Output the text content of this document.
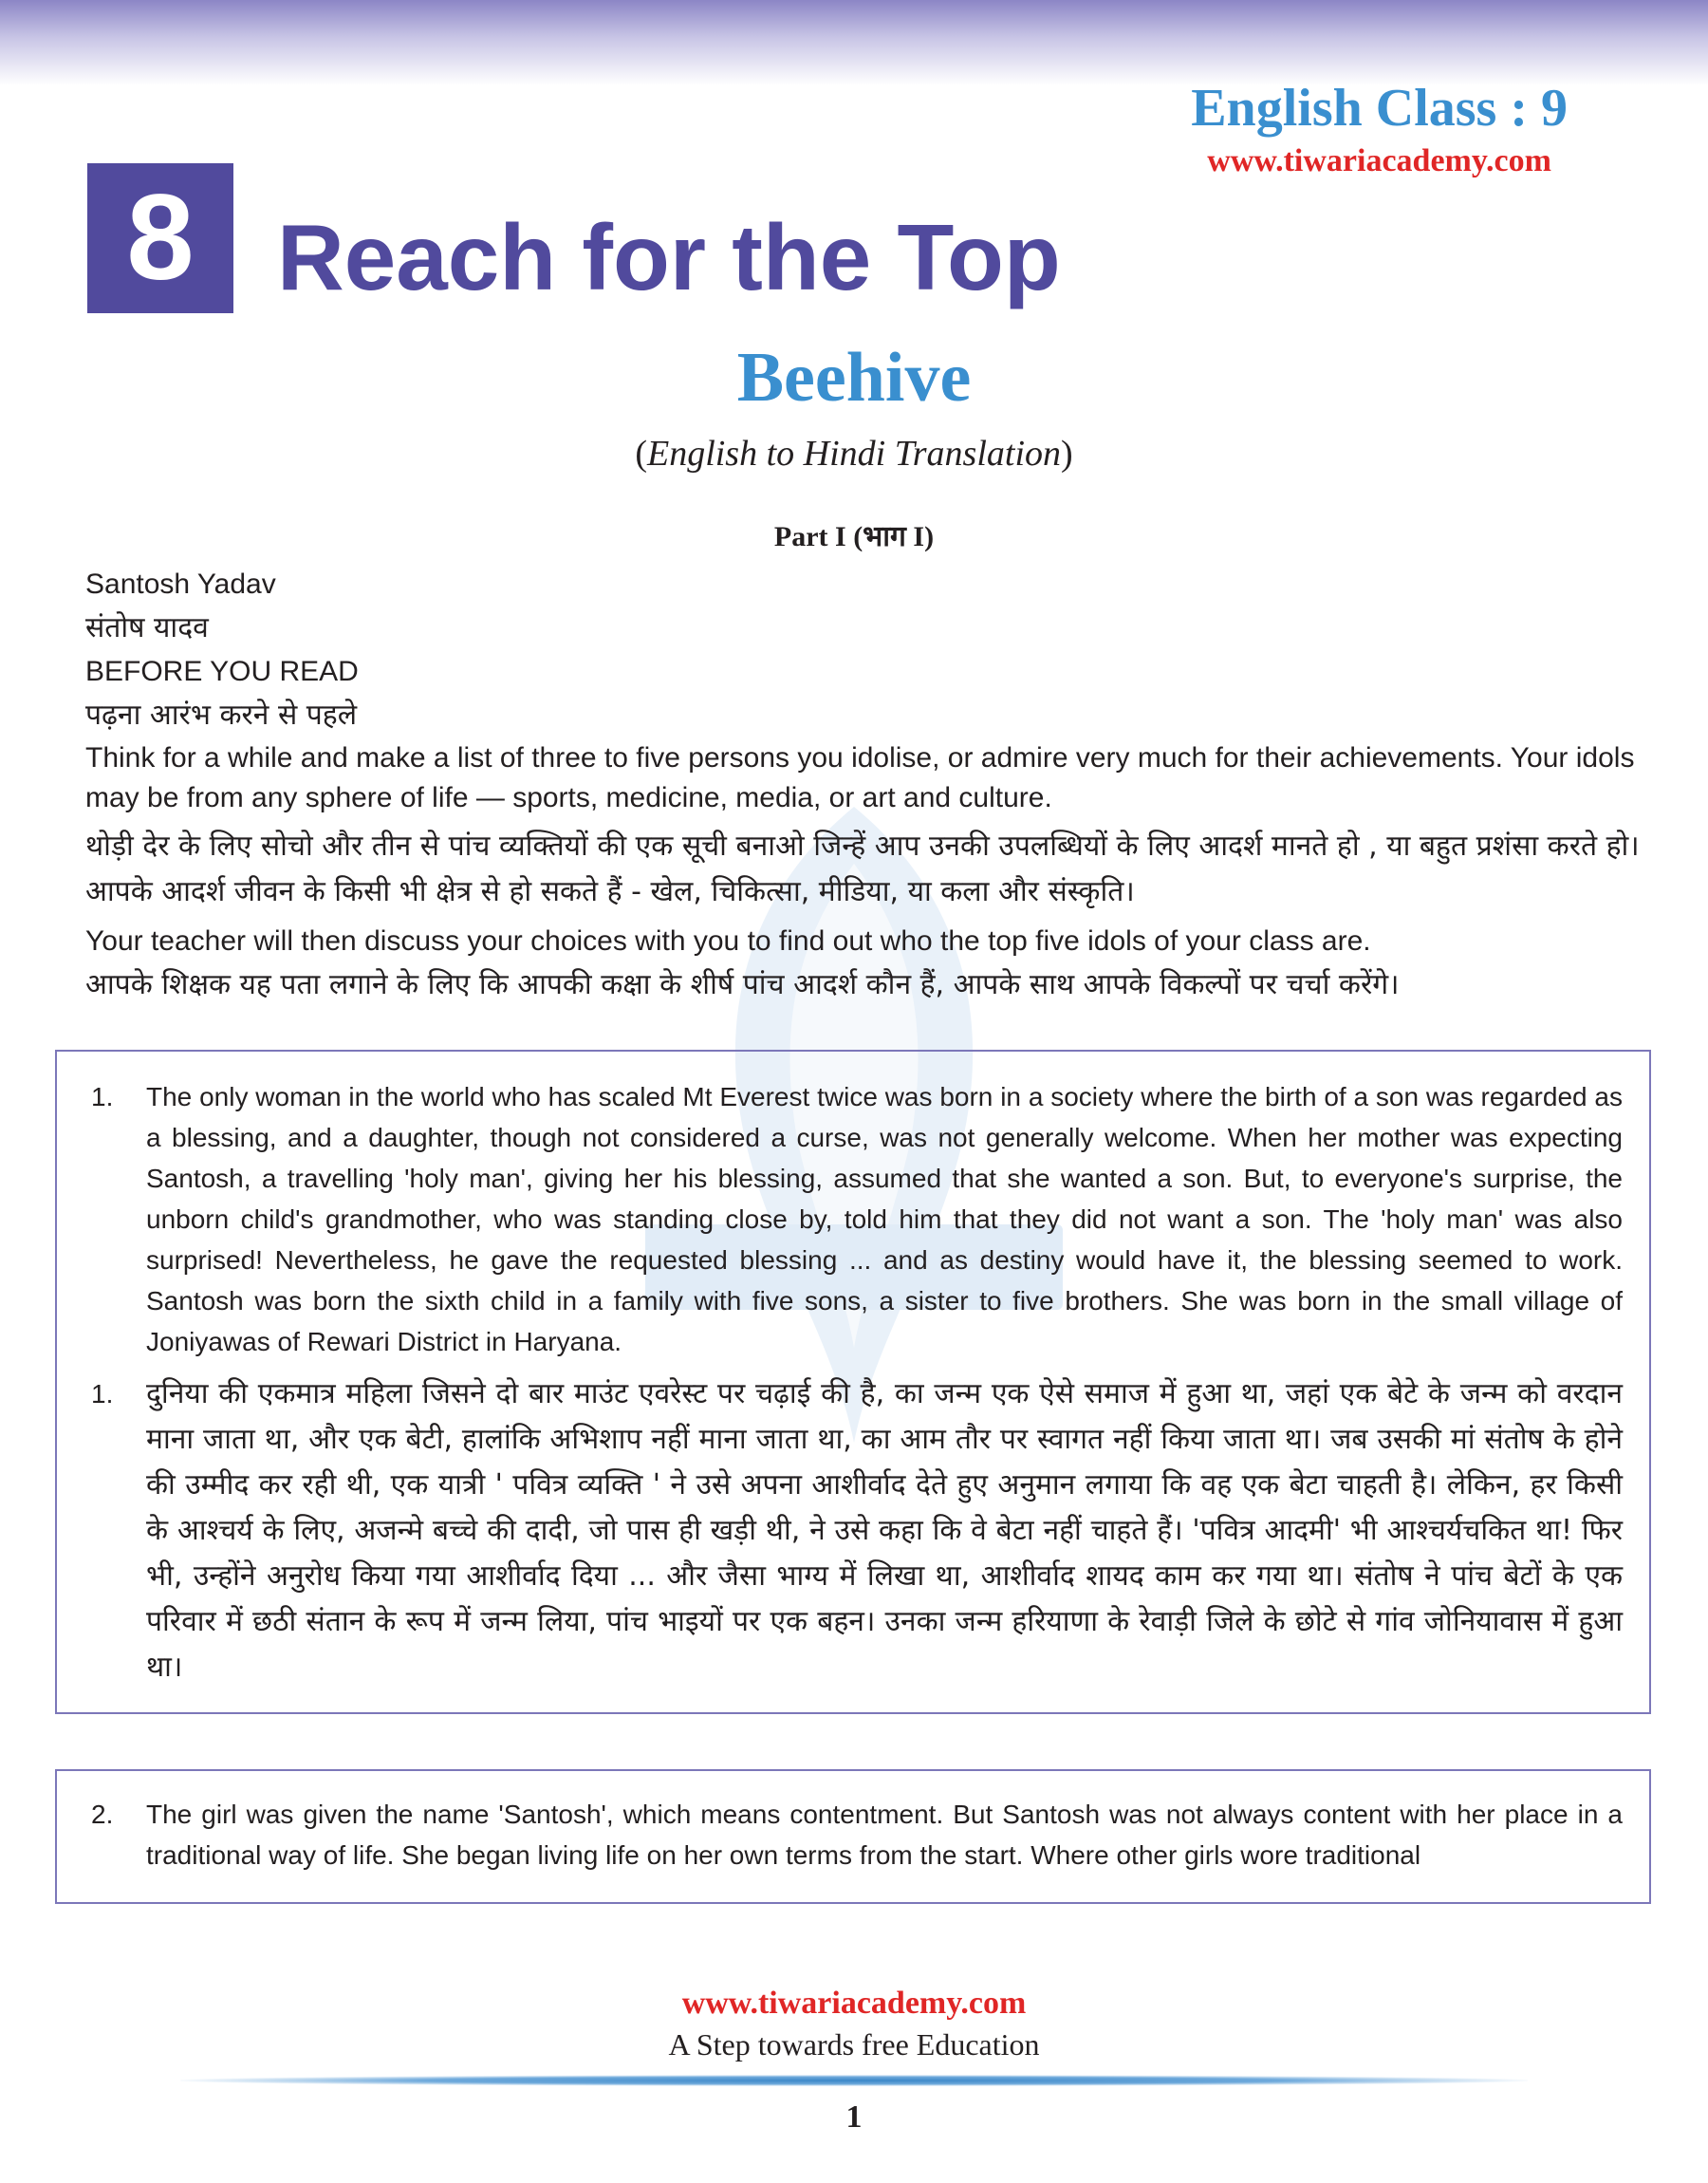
English Class : 9
www.tiwariacademy.com
8 Reach for the Top
Beehive
(English to Hindi Translation)
Part I (भाग I)

Santosh Yadav

संतोष यादव

BEFORE YOU READ

पढ़ना आरंभ करने से पहले

Think for a while and make a list of three to five persons you idolise, or admire very much for their achievements. Your idols may be from any sphere of life — sports, medicine, media, or art and culture.

थोड़ी देर के लिए सोचो और तीन से पांच व्यक्तियों की एक सूची बनाओ जिन्हें आप उनकी उपलब्धियों के लिए आदर्श मानते हो , या बहुत प्रशंसा करते हो। आपके आदर्श जीवन के किसी भी क्षेत्र से हो सकते हैं - खेल, चिकित्सा, मीडिया, या कला और संस्कृति।

Your teacher will then discuss your choices with you to find out who the top five idols of your class are.

आपके शिक्षक यह पता लगाने के लिए कि आपकी कक्षा के शीर्ष पांच आदर्श कौन हैं, आपके साथ आपके विकल्पों पर चर्चा करेंगे।

1. The only woman in the world who has scaled Mt Everest twice was born in a society where the birth of a son was regarded as a blessing, and a daughter, though not considered a curse, was not generally welcome. When her mother was expecting Santosh, a travelling 'holy man', giving her his blessing, assumed that she wanted a son. But, to everyone's surprise, the unborn child's grandmother, who was standing close by, told him that they did not want a son. The 'holy man' was also surprised! Nevertheless, he gave the requested blessing ... and as destiny would have it, the blessing seemed to work. Santosh was born the sixth child in a family with five sons, a sister to five brothers. She was born in the small village of Joniyawas of Rewari District in Haryana.

1. दुनिया की एकमात्र महिला जिसने दो बार माउंट एवरेस्ट पर चढ़ाई की है, का जन्म एक ऐसे समाज में हुआ था, जहां एक बेटे के जन्म को वरदान माना जाता था, और एक बेटी, हालांकि अभिशाप नहीं माना जाता था, का आम तौर पर स्वागत नहीं किया जाता था। जब उसकी मां संतोष के होने की उम्मीद कर रही थी, एक यात्री ' पवित्र व्यक्ति ' ने उसे अपना आशीर्वाद देते हुए अनुमान लगाया कि वह एक बेटा चाहती है। लेकिन, हर किसी के आश्चर्य के लिए, अजन्मे बच्चे की दादी, जो पास ही खड़ी थी, ने उसे कहा कि वे बेटा नहीं चाहते हैं। 'पवित्र आदमी' भी आश्चर्यचकित था! फिर भी, उन्होंने अनुरोध किया गया आशीर्वाद दिया ... और जैसा भाग्य में लिखा था, आशीर्वाद शायद काम कर गया था। संतोष ने पांच बेटों के एक परिवार में छठी संतान के रूप में जन्म लिया, पांच भाइयों पर एक बहन। उनका जन्म हरियाणा के रेवाड़ी जिले के छोटे से गांव जोनियावास में हुआ था।

2. The girl was given the name 'Santosh', which means contentment. But Santosh was not always content with her place in a traditional way of life. She began living life on her own terms from the start. Where other girls wore traditional

www.tiwariacademy.com
A Step towards free Education
1
